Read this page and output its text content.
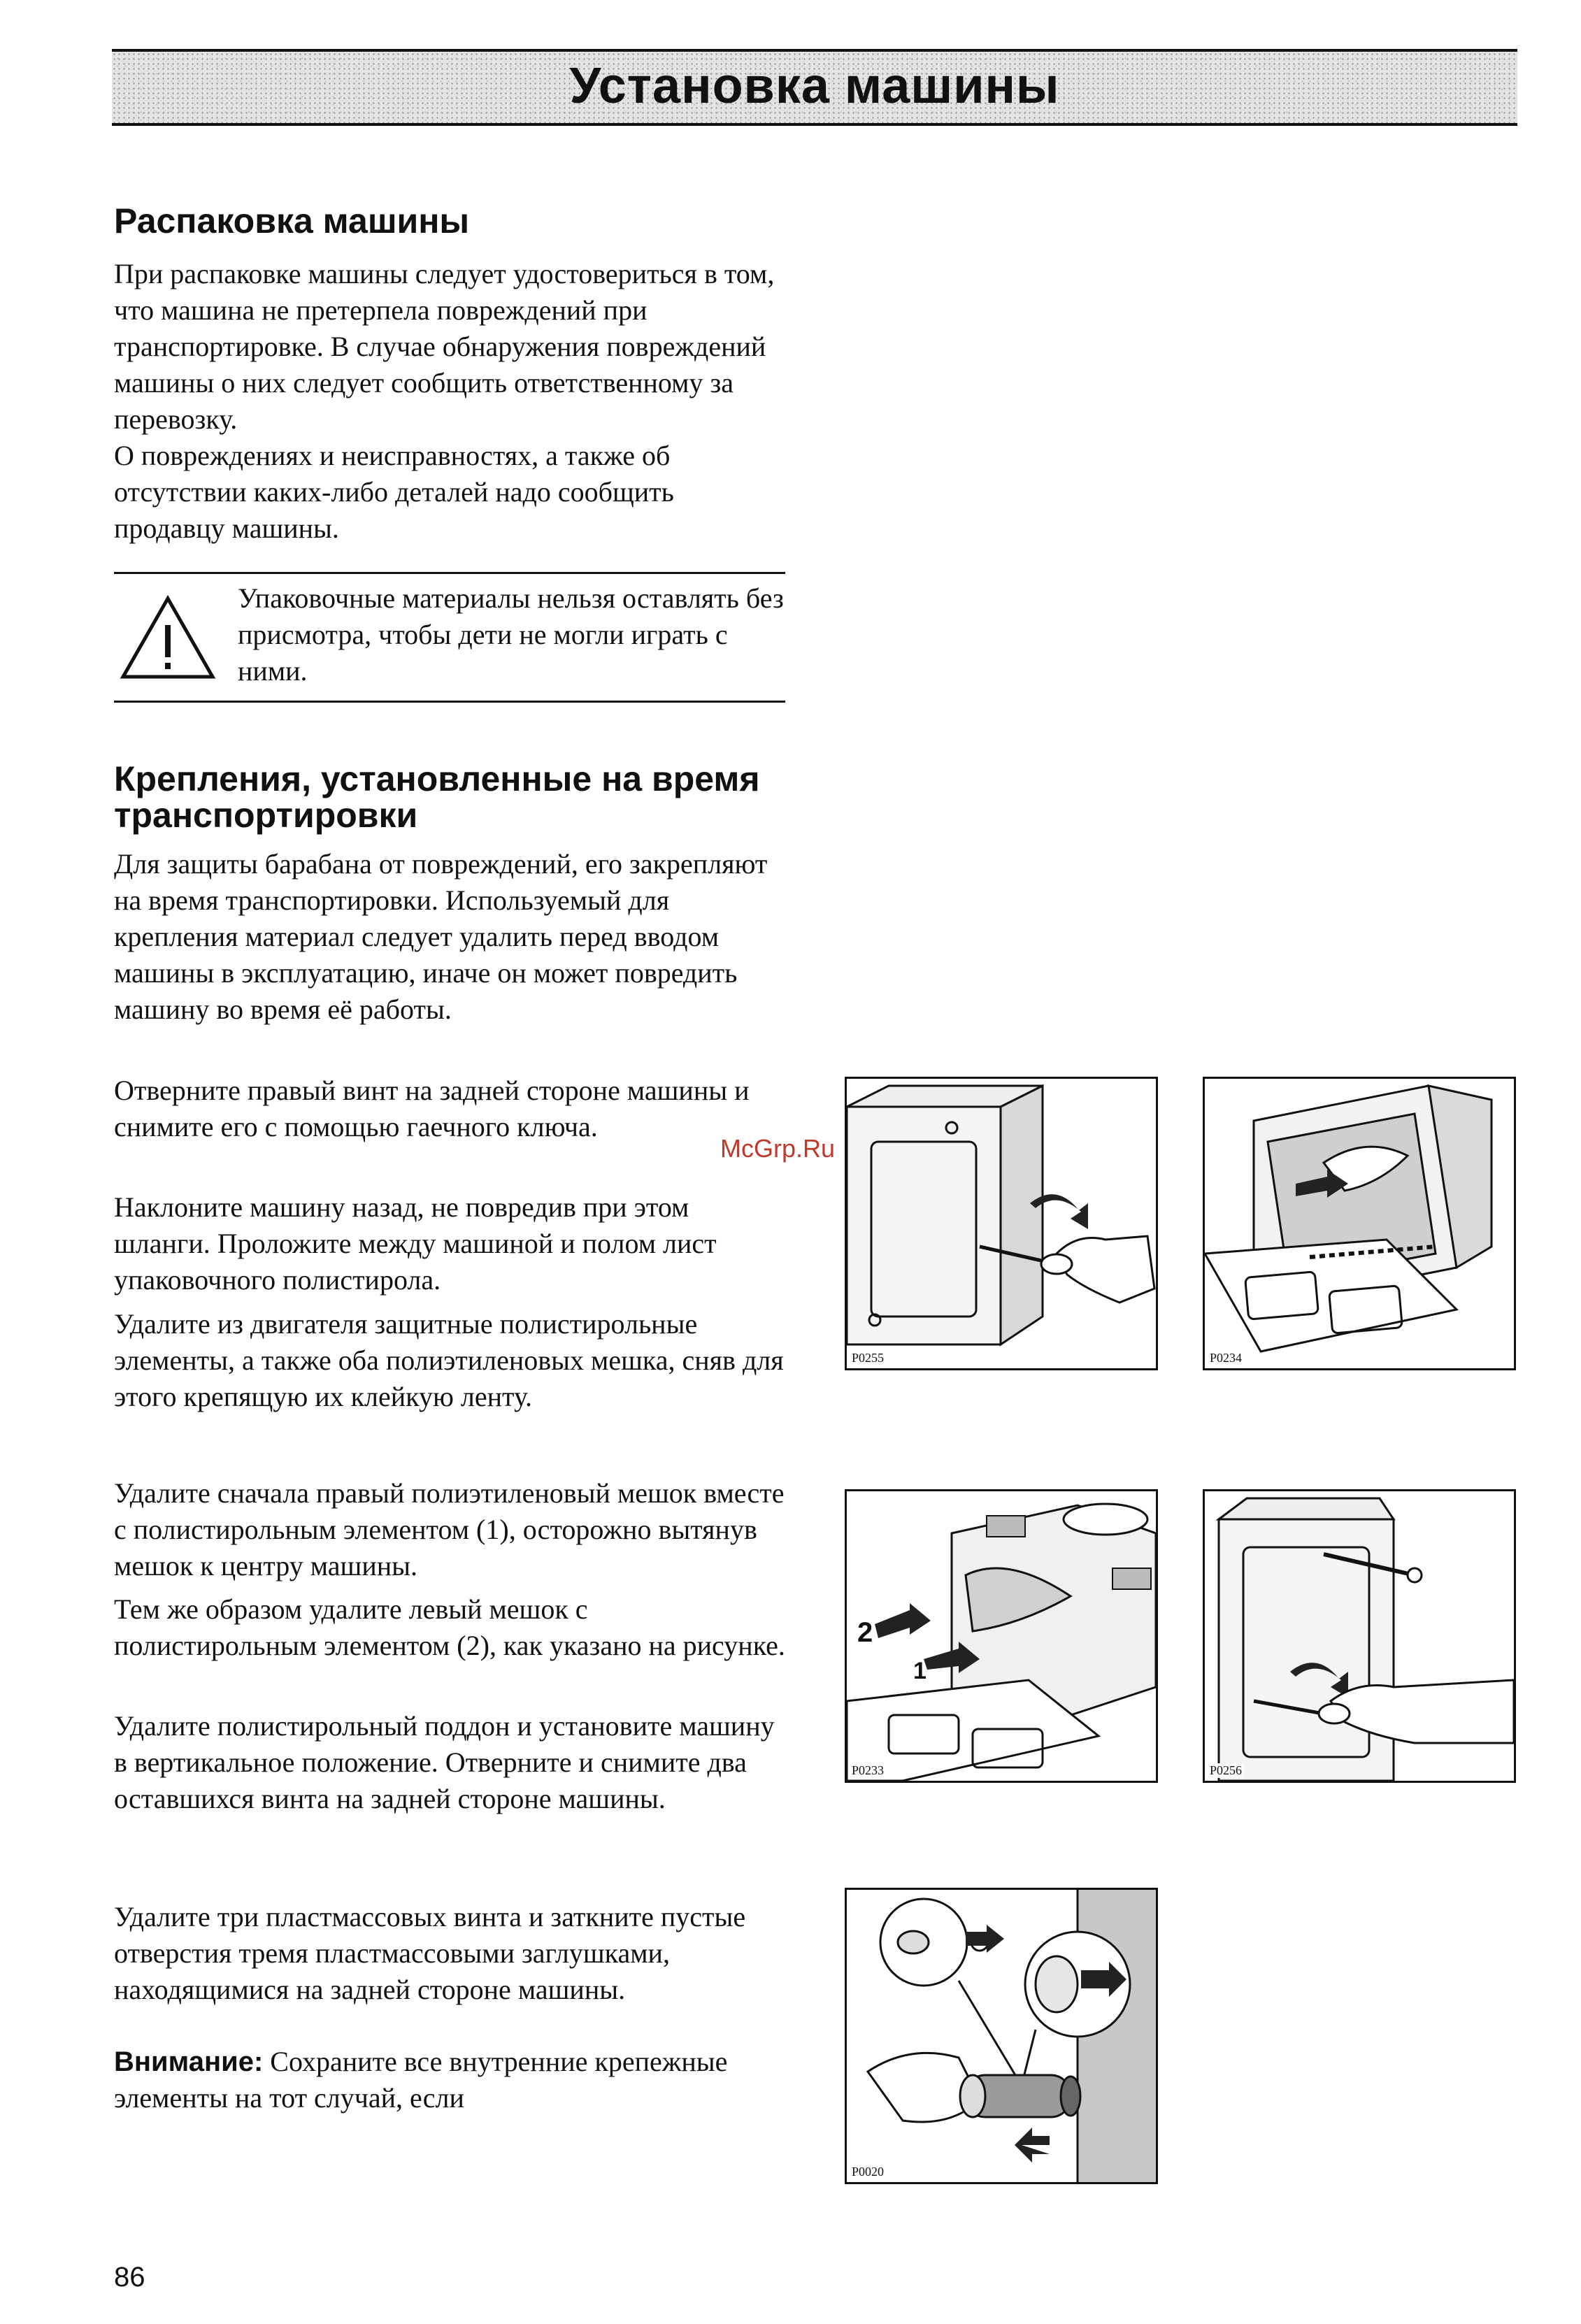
Установка машины
Распаковка машины

При распаковке машины следует удостовериться в том, что машина не претерпела повреждений при транспортировке. В случае обнаружения повреждений машины о них следует сообщить ответственному за перевозку.

О повреждениях и неисправностях, а также об отсутствии каких-либо деталей надо сообщить продавцу машины.

Упаковочные материалы нельзя оставлять без присмотра, чтобы дети не могли играть с ними.
Крепления, установленные на время транспортировки
Для защиты барабана от повреждений, его закрепляют на время транспортировки. Используемый для крепления материал следует удалить перед вводом машины в эксплуатацию, иначе он может повредить машину во время её работы.
Отверните правый винт на задней стороне машины и снимите его с помощью гаечного ключа.
Наклоните машину назад, не повредив при этом шланги. Проложите между машиной и полом лист упаковочного полистирола.
Удалите из двигателя защитные полистирольные элементы, а также оба полиэтиленовых мешка, сняв для этого крепящую их клейкую ленту.
Удалите сначала правый полиэтиленовый мешок вместе с полистирольным элементом (1), осторожно вытянув мешок к центру машины.
Тем же образом удалите левый мешок с полистирольным элементом (2), как указано на рисунке.
Удалите полистирольный поддон и установите машину в вертикальное положение. Отверните и снимите два оставшихся винта на задней стороне машины.
Удалите три пластмассовых винта и заткните пустые отверстия тремя пластмассовыми заглушками, находящимися на задней стороне машины.
Внимание: Сохраните все внутренние крепежные элементы на тот случай, если
P0255	P0234
2
1
P0233	P0256
P0020
McGrp.Ru
86
